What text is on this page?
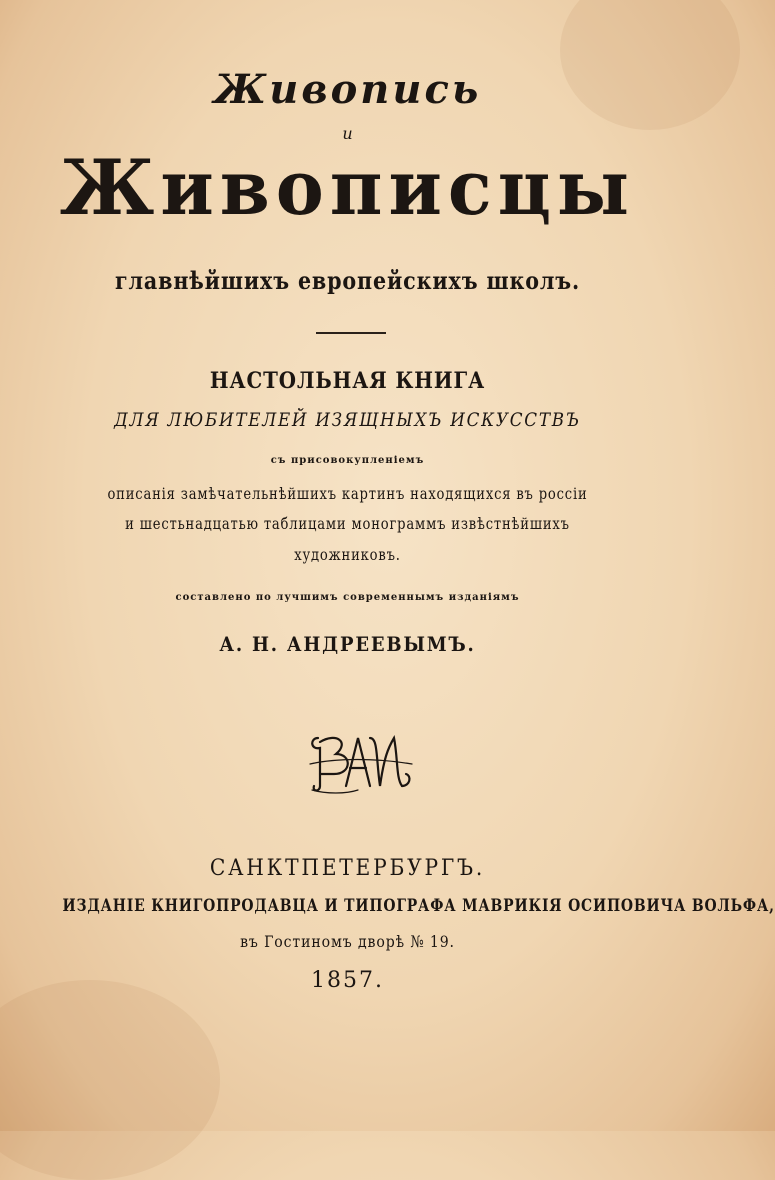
Живопись
и
Живописцы
главнѣйшихъ европейскихъ школъ.
НАСТОЛЬНАЯ КНИГА
ДЛЯ ЛЮБИТЕЛЕЙ ИЗЯЩНЫХЪ ИСКУССТВЪ
съ присовокупленіемъ
описанія замѣчательнѣйшихъ картинъ находящихся въ россіи
и шестьнадцатью таблицами монограммъ извѣстнѣйшихъ
художниковъ.
составлено по лучшимъ современнымъ изданіямъ
А. Н. АНДРЕЕВЫМЪ.
САНКТПЕТЕРБУРГЪ.
ИЗДАНІЕ КНИГОПРОДАВЦА И ТИПОГРАФА МАВРИКІЯ ОСИПОВИЧА ВОЛЬФА,
въ Гостиномъ дворѣ № 19.
1857.
